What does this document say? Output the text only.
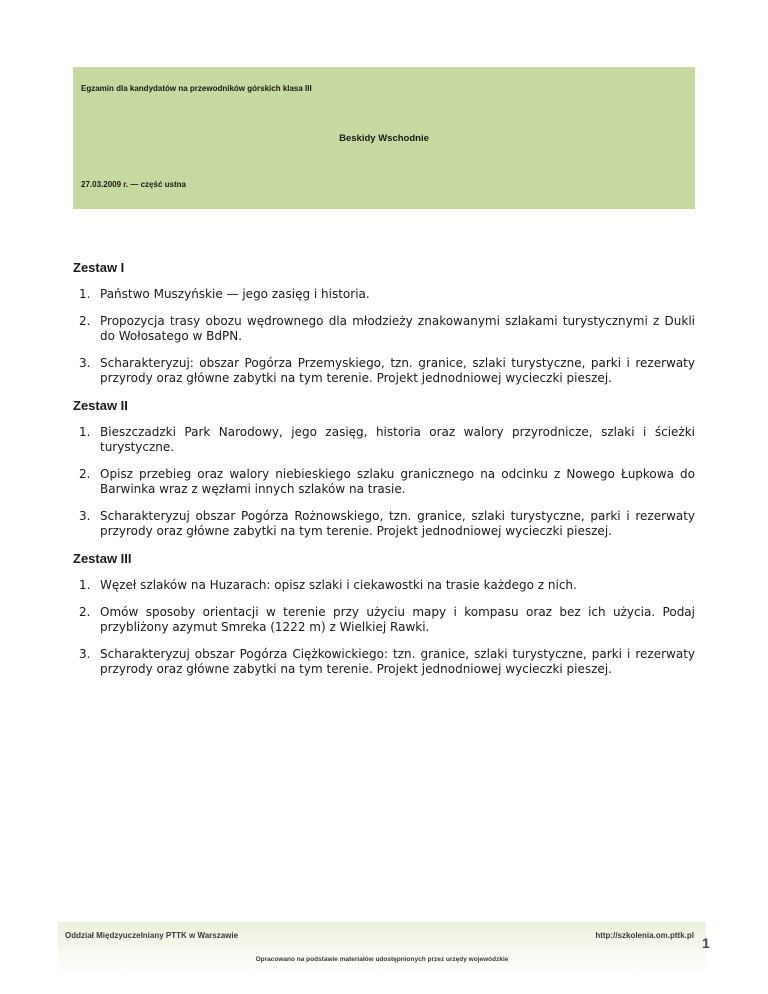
Egzamin dla kandydatów na przewodników górskich klasa III
Beskidy Wschodnie
27.03.2009 r. — część ustna
Zestaw I
1. Państwo Muszyńskie — jego zasięg i historia.
2. Propozycja trasy obozu wędrownego dla młodzieży znakowanymi szlakami turystycznymi z Dukli do Wołosatego w BdPN.
3. Scharakteryzuj: obszar Pogórza Przemyskiego, tzn. granice, szlaki turystyczne, parki i rezerwaty przyrody oraz główne zabytki na tym terenie. Projekt jednodniowej wycieczki pieszej.
Zestaw II
1. Bieszczadzki Park Narodowy, jego zasięg, historia oraz walory przyrodnicze, szlaki i ścieżki turystyczne.
2. Opisz przebieg oraz walory niebieskiego szlaku granicznego na odcinku z Nowego Łupkowa do Barwinka wraz z węzłami innych szlaków na trasie.
3. Scharakteryzuj obszar Pogórza Rożnowskiego, tzn. granice, szlaki turystyczne, parki i rezerwaty przyrody oraz główne zabytki na tym terenie. Projekt jednodniowej wycieczki pieszej.
Zestaw III
1. Węzeł szlaków na Huzarach: opisz szlaki i ciekawostki na trasie każdego z nich.
2. Omów sposoby orientacji w terenie przy użyciu mapy i kompasu oraz bez ich użycia. Podaj przybliżony azymut Smreka (1222 m) z Wielkiej Rawki.
3. Scharakteryzuj obszar Pogórza Ciężkowickiego: tzn. granice, szlaki turystyczne, parki i rezerwaty przyrody oraz główne zabytki na tym terenie. Projekt jednodniowej wycieczki pieszej.
Oddział Międzyuczelniany PTTK w Warszawie	http://szkolenia.om.pttk.pl
Opracowano na podstawie materiałów udostępnionych przez urzędy wojewódzkie
1
